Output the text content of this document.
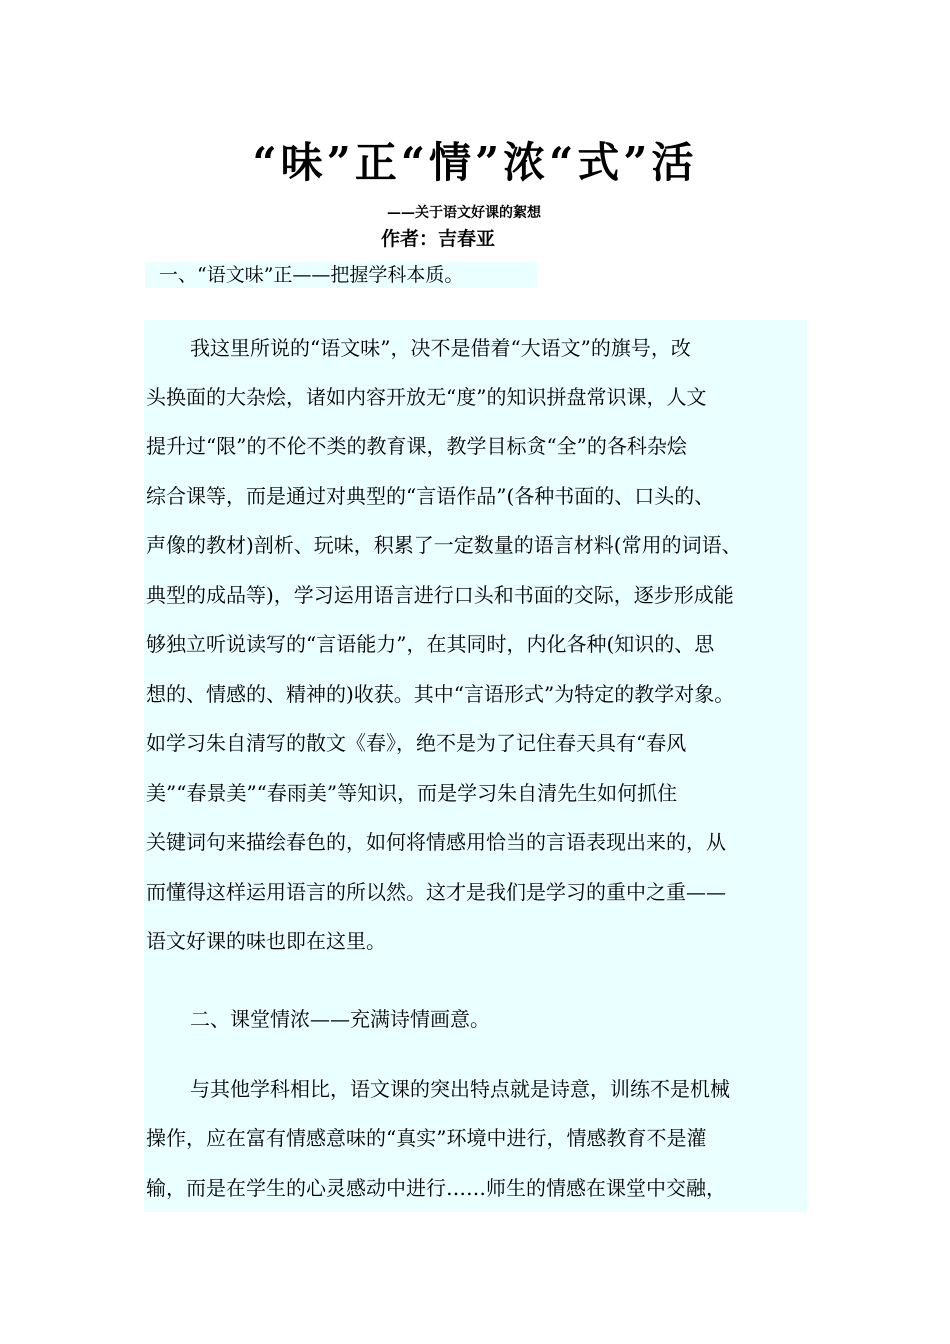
“味”正“情”浓“式”活
——关于语文好课的絮想
作者：吉春亚
一、“语文味”正——把握学科本质。
我这里所说的“语文味”，决不是借着“大语文”的旗号，改
头换面的大杂烩，诸如内容开放无“度”的知识拼盘常识课，人文
提升过“限”的不伦不类的教育课，教学目标贪“全”的各科杂烩
综合课等，而是通过对典型的“言语作品”(各种书面的、口头的、
声像的教材)剖析、玩味，积累了一定数量的语言材料(常用的词语、
典型的成品等)，学习运用语言进行口头和书面的交际，逐步形成能
够独立听说读写的“言语能力”，在其同时，内化各种(知识的、思
想的、情感的、精神的)收获。其中“言语形式”为特定的教学对象。
如学习朱自清写的散文《春》，绝不是为了记住春天具有“春风
美”“春景美”“春雨美”等知识，而是学习朱自清先生如何抓住
关键词句来描绘春色的，如何将情感用恰当的言语表现出来的，从
而懂得这样运用语言的所以然。这才是我们是学习的重中之重——
语文好课的味也即在这里。
二、课堂情浓——充满诗情画意。
与其他学科相比，语文课的突出特点就是诗意，训练不是机械
操作，应在富有情感意味的“真实”环境中进行，情感教育不是灌
输，而是在学生的心灵感动中进行……师生的情感在课堂中交融，
